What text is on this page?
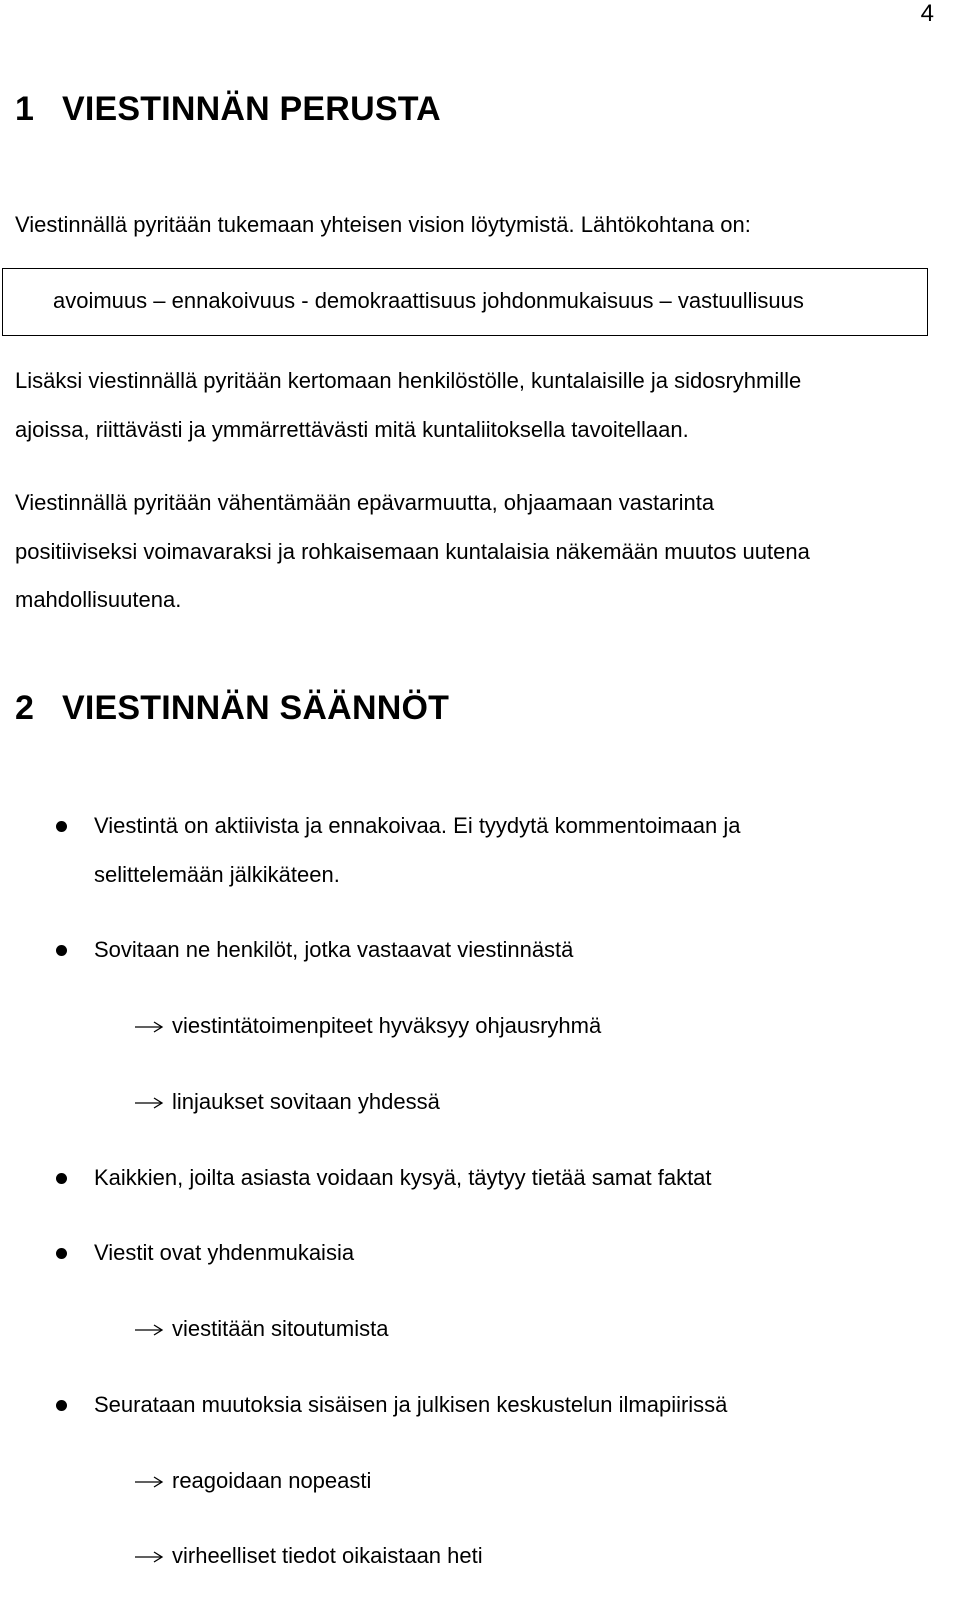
4
1 VIESTINNÄN PERUSTA
Viestinnällä pyritään tukemaan yhteisen vision löytymistä. Lähtökohtana on:
avoimuus – ennakoivuus - demokraattisuus johdonmukaisuus – vastuullisuus
Lisäksi viestinnällä pyritään kertomaan henkilöstölle, kuntalaisille ja sidosryhmille
ajoissa, riittävästi ja ymmärrettävästi mitä kuntaliitoksella tavoitellaan.
Viestinnällä pyritään vähentämään epävarmuutta, ohjaamaan vastarinta
positiiviseksi voimavaraksi ja rohkaisemaan kuntalaisia näkemään muutos uutena
mahdollisuutena.
2 VIESTINNÄN SÄÄNNÖT
Viestintä on aktiivista ja ennakoivaa. Ei tyydytä kommentoimaan ja
selittelemään jälkikäteen.
Sovitaan ne henkilöt, jotka vastaavat viestinnästä
viestintätoimenpiteet hyväksyy ohjausryhmä
linjaukset sovitaan yhdessä
Kaikkien, joilta asiasta voidaan kysyä, täytyy tietää samat faktat
Viestit ovat yhdenmukaisia
viestitään sitoutumista
Seurataan muutoksia sisäisen ja julkisen keskustelun ilmapiirissä
reagoidaan nopeasti
virheelliset tiedot oikaistaan heti
